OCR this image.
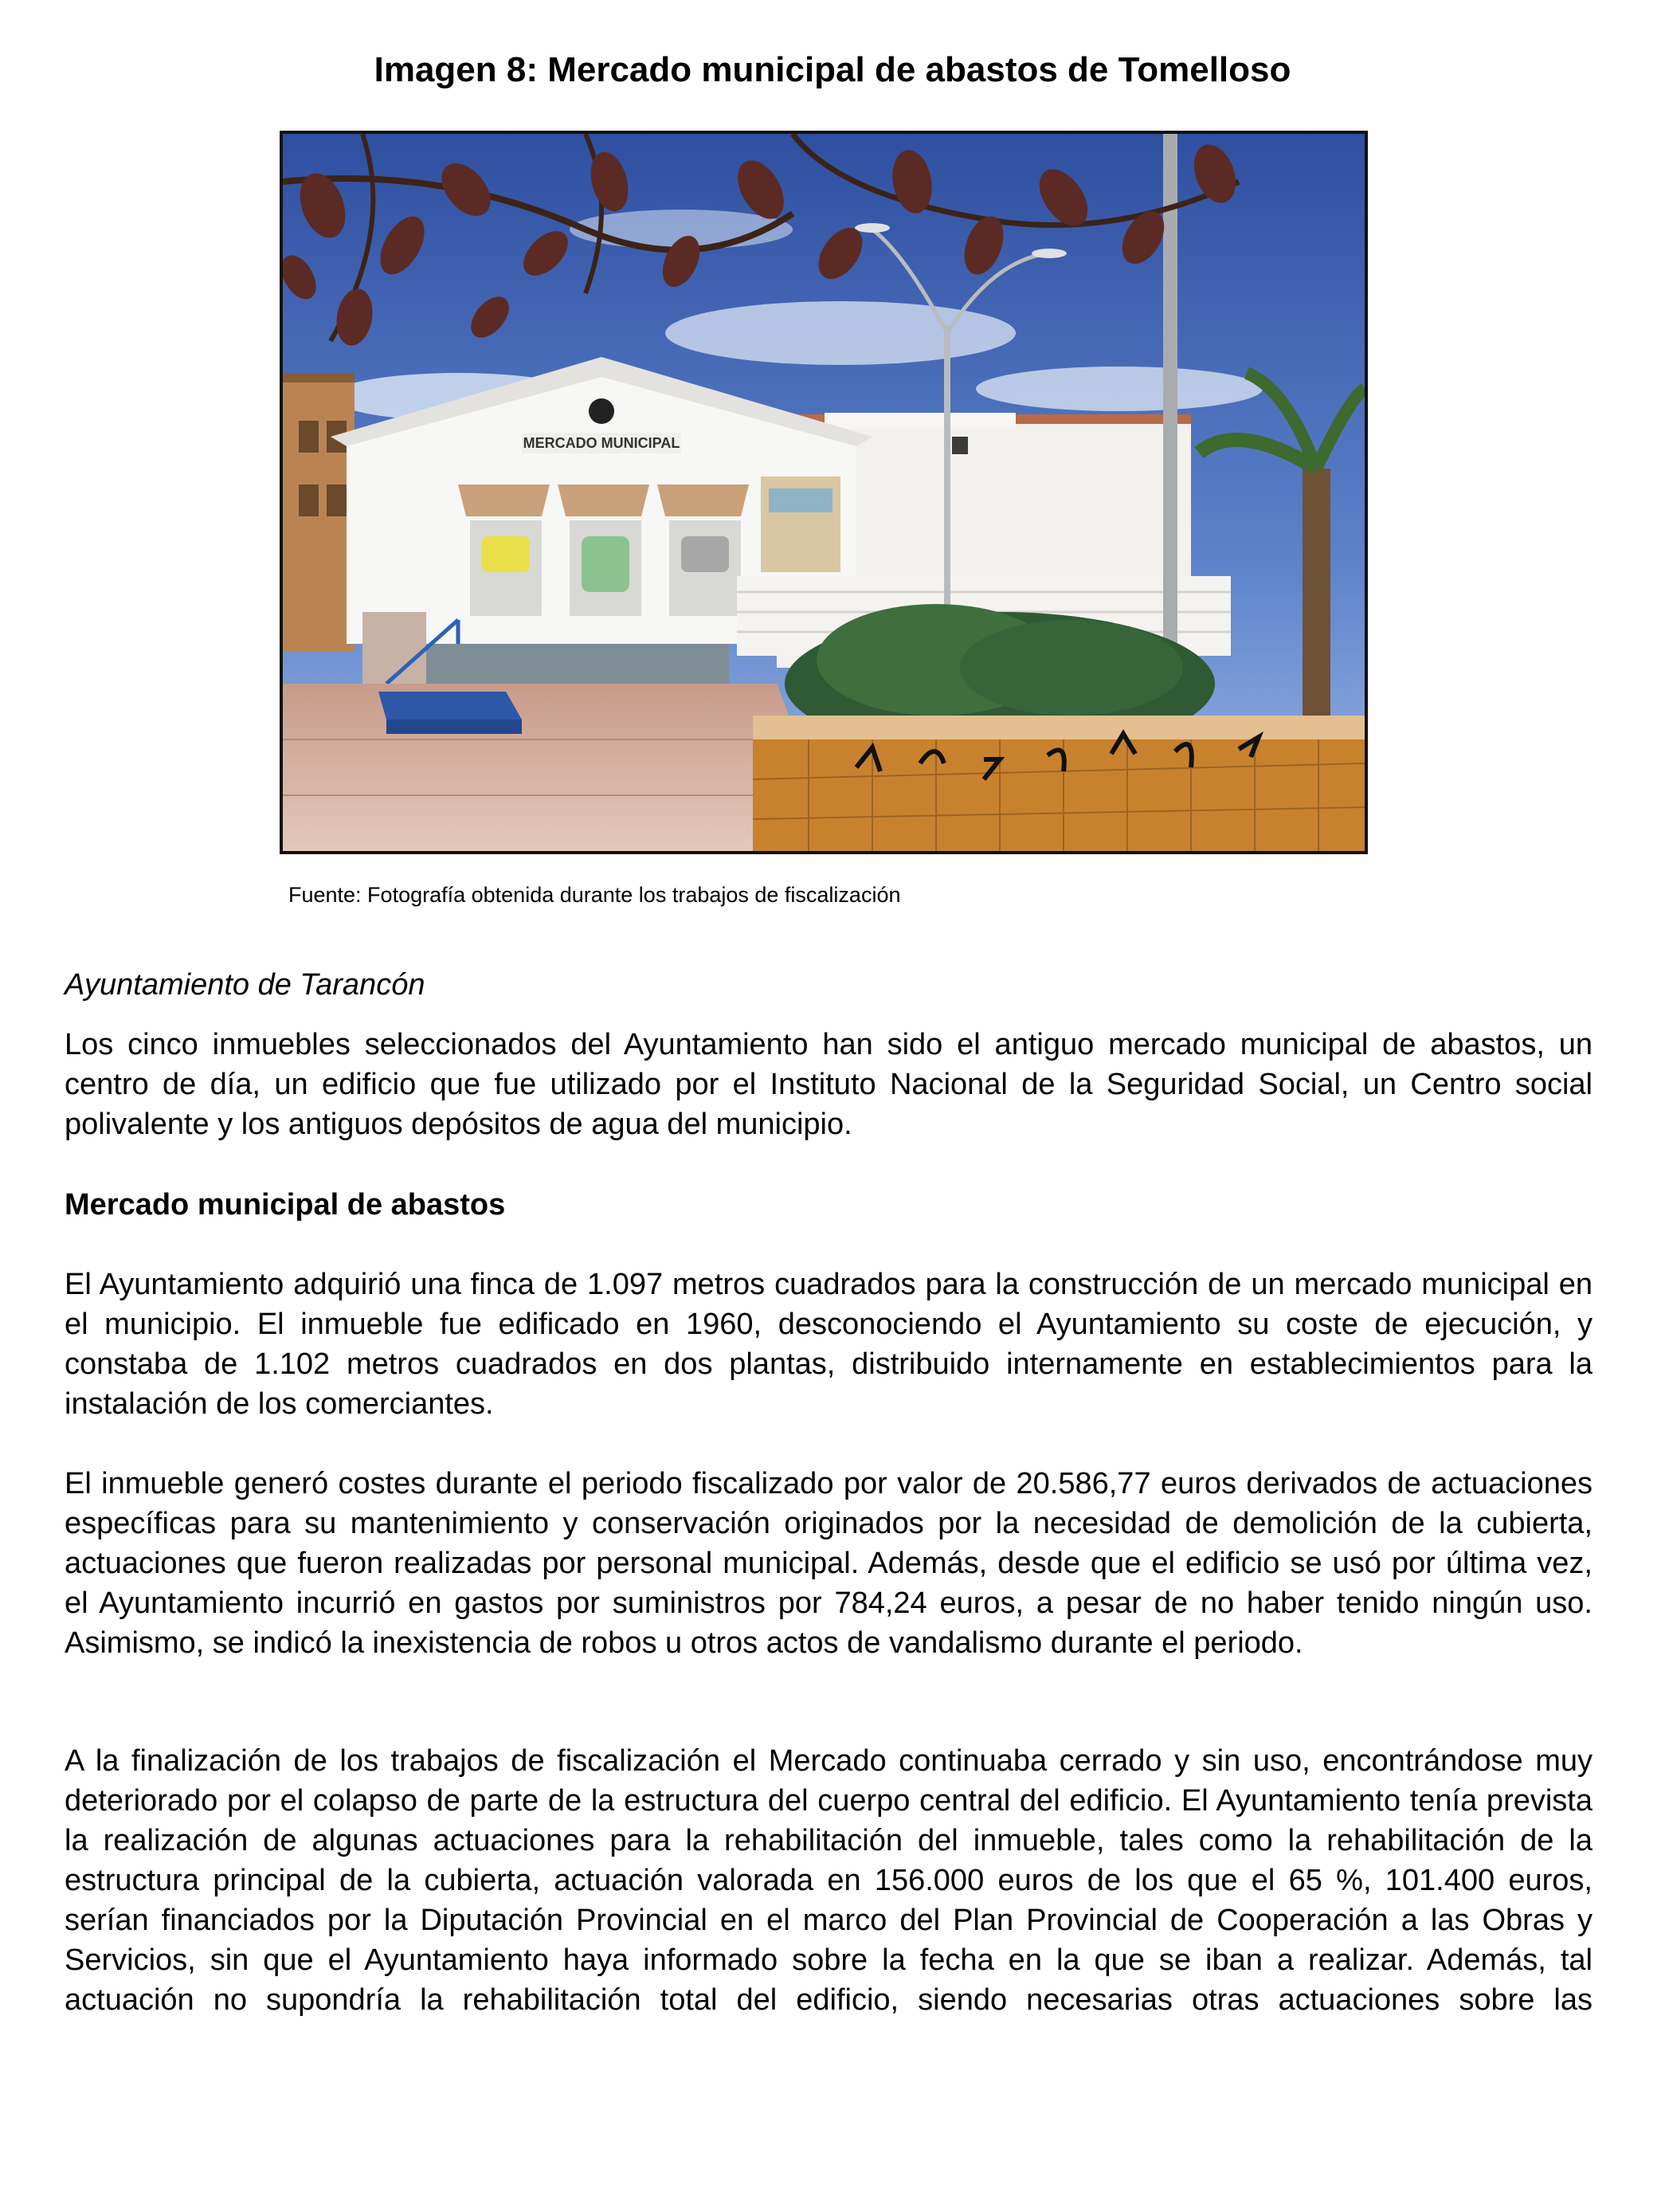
Imagen 8: Mercado municipal de abastos de Tomelloso
MERCADO MUNICIPAL

Fuente: Fotografía obtenida durante los trabajos de fiscalización

Ayuntamiento de Tarancón

Los cinco inmuebles seleccionados del Ayuntamiento han sido el antiguo mercado municipal de abastos, un centro de día, un edificio que fue utilizado por el Instituto Nacional de la Seguridad Social, un Centro social polivalente y los antiguos depósitos de agua del municipio.

Mercado municipal de abastos

El Ayuntamiento adquirió una finca de 1.097 metros cuadrados para la construcción de un mercado municipal en el municipio. El inmueble fue edificado en 1960, desconociendo el Ayuntamiento su coste de ejecución, y constaba de 1.102 metros cuadrados en dos plantas, distribuido internamente en establecimientos para la instalación de los comerciantes.

El inmueble generó costes durante el periodo fiscalizado por valor de 20.586,77 euros derivados de actuaciones específicas para su mantenimiento y conservación originados por la necesidad de demolición de la cubierta, actuaciones que fueron realizadas por personal municipal. Además, desde que el edificio se usó por última vez, el Ayuntamiento incurrió en gastos por suministros por 784,24 euros, a pesar de no haber tenido ningún uso. Asimismo, se indicó la inexistencia de robos u otros actos de vandalismo durante el periodo.

A la finalización de los trabajos de fiscalización el Mercado continuaba cerrado y sin uso, encontrándose muy deteriorado por el colapso de parte de la estructura del cuerpo central del edificio. El Ayuntamiento tenía prevista la realización de algunas actuaciones para la rehabilitación del inmueble, tales como la rehabilitación de la estructura principal de la cubierta, actuación valorada en 156.000 euros de los que el 65 %, 101.400 euros, serían financiados por la Diputación Provincial en el marco del Plan Provincial de Cooperación a las Obras y Servicios, sin que el Ayuntamiento haya informado sobre la fecha en la que se iban a realizar. Además, tal actuación no supondría la rehabilitación total del edificio, siendo necesarias otras actuaciones sobre las
